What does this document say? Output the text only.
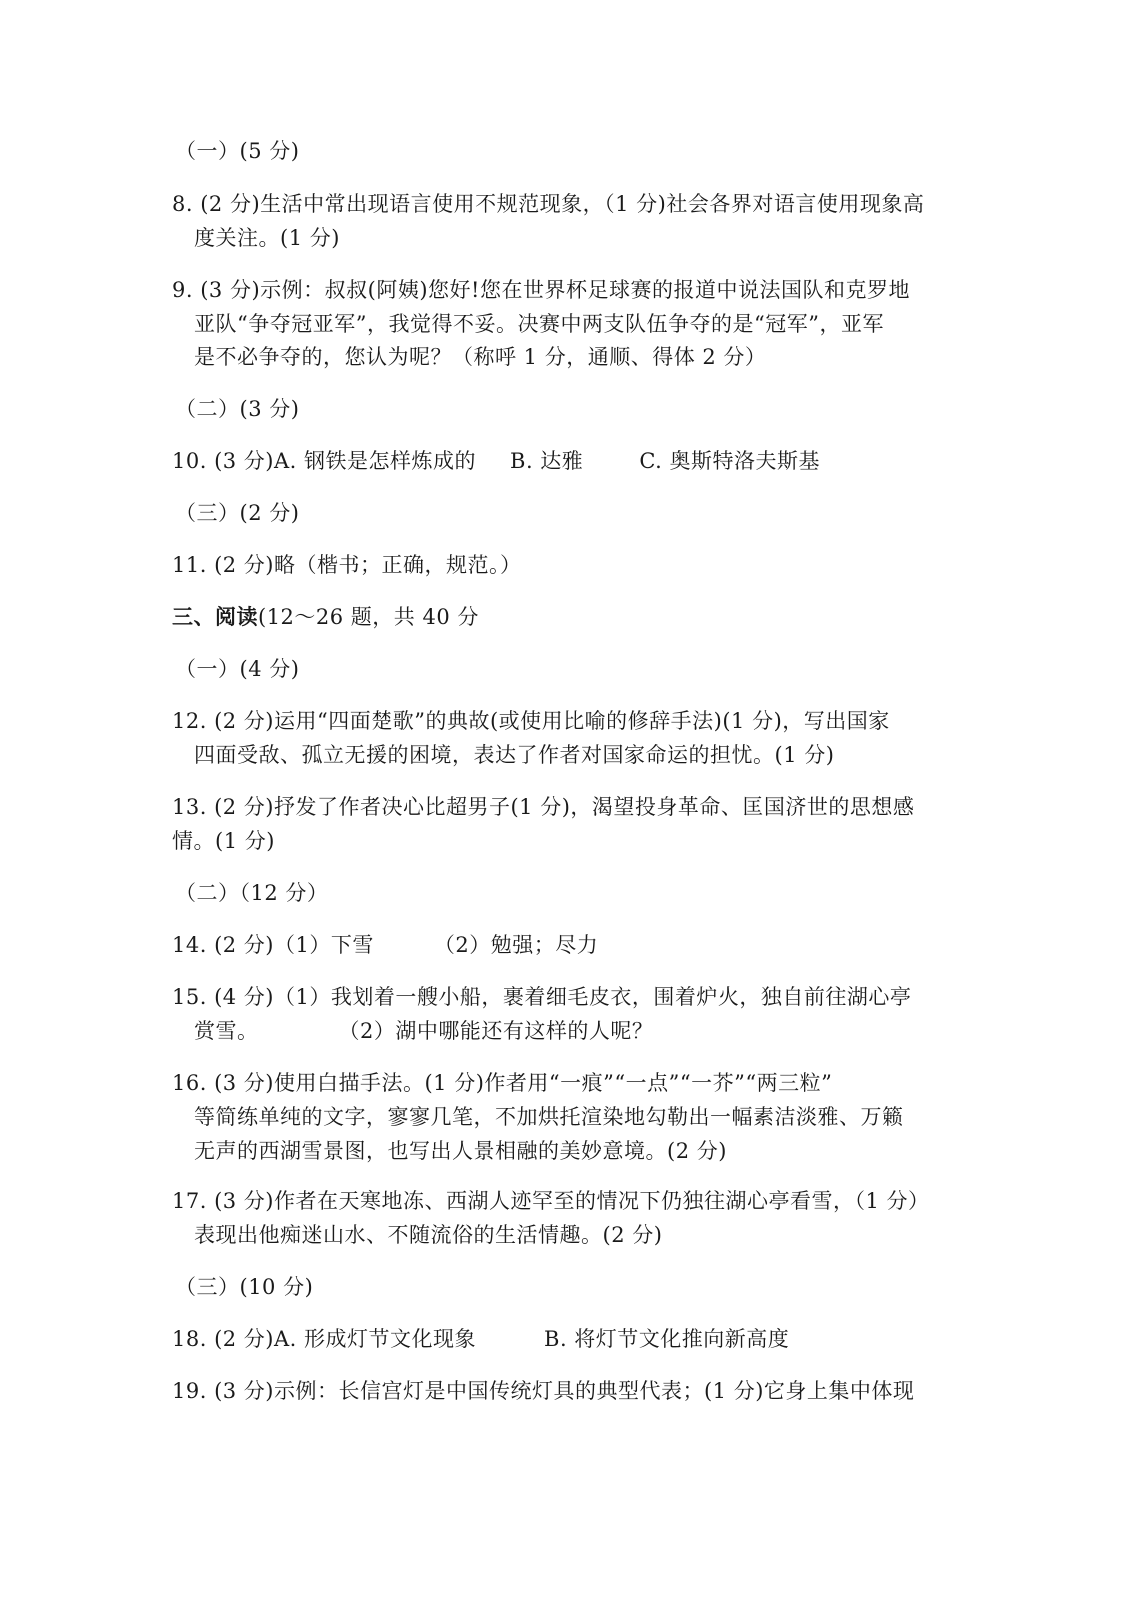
（一）(5 分)
8. (2 分)生活中常出现语言使用不规范现象，（1 分)社会各界对语言使用现象高
度关注。(1 分)
9. (3 分)示例：叔叔(阿姨)您好!您在世界杯足球赛的报道中说法国队和克罗地
亚队“争夺冠亚军”，我觉得不妥。决赛中两支队伍争夺的是“冠军”，亚军
是不必争夺的，您认为呢？（称呼 1 分，通顺、得体 2 分）
（二）(3 分)
10. (3 分)A. 钢铁是怎样炼成的 B. 达雅	C. 奥斯特洛夫斯基
（三）(2 分)
11. (2 分)略（楷书；正确，规范。）
三、阅读(12～26 题，共 40 分
（一）(4 分)
12. (2 分)运用“四面楚歌”的典故(或使用比喻的修辞手法)(1 分)，写出国家
四面受敌、孤立无援的困境，表达了作者对国家命运的担忧。(1 分)
13. (2 分)抒发了作者决心比超男子(1 分)，渴望投身革命、匡国济世的思想感
情。(1 分)
（二）（12 分）
14. (2 分)（1）下雪	（2）勉强；尽力
15. (4 分)（1）我划着一艘小船，裹着细毛皮衣，围着炉火，独自前往湖心亭
赏雪。	（2）湖中哪能还有这样的人呢？
16. (3 分)使用白描手法。(1 分)作者用“一痕”“一点”“一芥”“两三粒”
等简练单纯的文字，寥寥几笔，不加烘托渲染地勾勒出一幅素洁淡雅、万籁
无声的西湖雪景图，也写出人景相融的美妙意境。(2 分)
17. (3 分)作者在天寒地冻、西湖人迹罕至的情况下仍独往湖心亭看雪，（1 分）
表现出他痴迷山水、不随流俗的生活情趣。(2 分)
（三）(10 分)
18. (2 分)A. 形成灯节文化现象	B. 将灯节文化推向新高度
19. (3 分)示例：长信宫灯是中国传统灯具的典型代表；(1 分)它身上集中体现
